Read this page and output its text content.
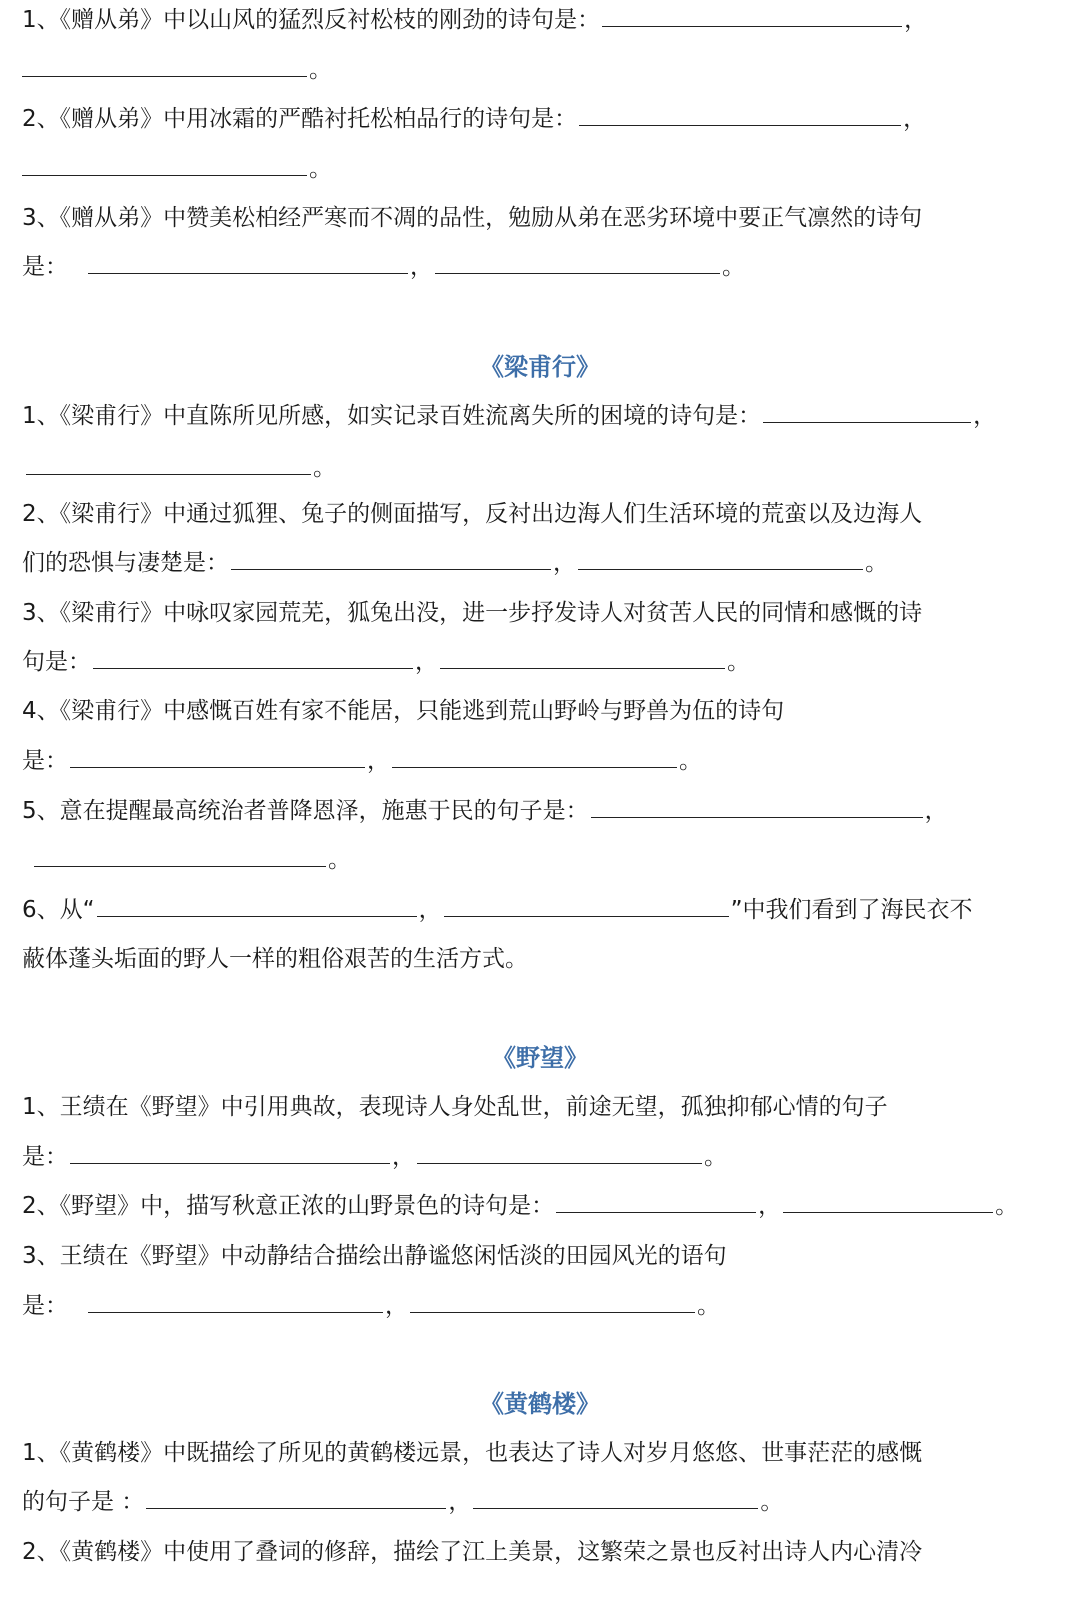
1、《赠从弟》中以山风的猛烈反衬松枝的刚劲的诗句是：	，
。
2、《赠从弟》中用冰霜的严酷衬托松柏品行的诗句是：	，
。
3、《赠从弟》中赞美松柏经严寒而不凋的品性，勉励从弟在恶劣环境中要正气凛然的诗句
是：	，	。
《梁甫行》
1、《梁甫行》中直陈所见所感，如实记录百姓流离失所的困境的诗句是：	，
。
2、《梁甫行》中通过狐狸、兔子的侧面描写，反衬出边海人们生活环境的荒蛮以及边海人
们的恐惧与凄楚是：	，	。
3、《梁甫行》中咏叹家园荒芜，狐兔出没，进一步抒发诗人对贫苦人民的同情和感慨的诗
句是：	，	。
4、《梁甫行》中感慨百姓有家不能居，只能逃到荒山野岭与野兽为伍的诗句
是：	，	。
5、意在提醒最高统治者普降恩泽，施惠于民的句子是：	，
。
6、从“	，	”中我们看到了海民衣不
蔽体蓬头垢面的野人一样的粗俗艰苦的生活方式。
《野望》
1、王绩在《野望》中引用典故，表现诗人身处乱世，前途无望，孤独抑郁心情的句子
是：	，	。
2、《野望》中，描写秋意正浓的山野景色的诗句是：	，	。
3、王绩在《野望》中动静结合描绘出静谧悠闲恬淡的田园风光的语句
是：	，	。
《黄鹤楼》
1、《黄鹤楼》中既描绘了所见的黄鹤楼远景，也表达了诗人对岁月悠悠、世事茫茫的感慨
的句子是 ：	，	。
2、《黄鹤楼》中使用了叠词的修辞，描绘了江上美景，这繁荣之景也反衬出诗人内心清冷
